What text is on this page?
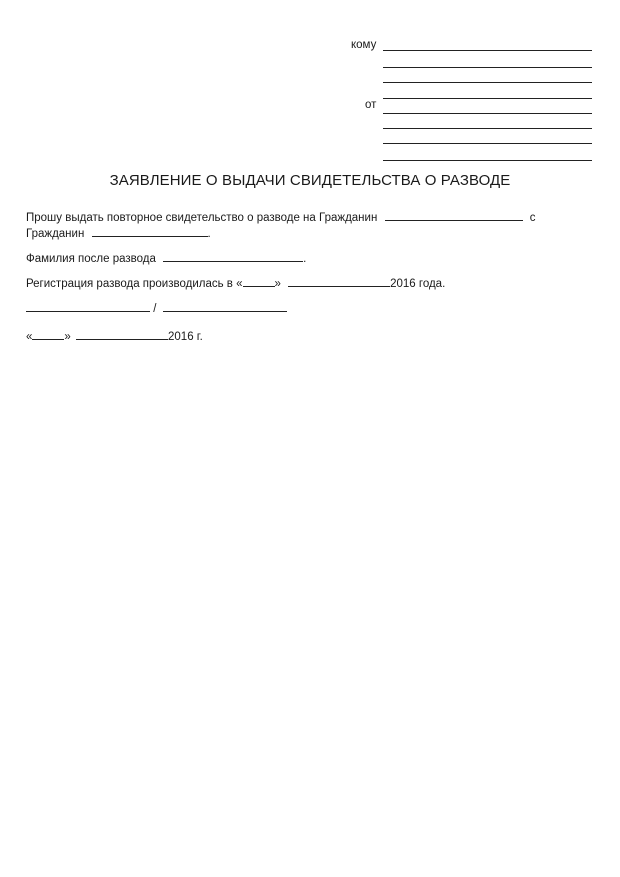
кому
от
ЗАЯВЛЕНИЕ О ВЫДАЧИ СВИДЕТЕЛЬСТВА О РАЗВОДЕ
Прошу выдать повторное свидетельство о разводе на Гражданин	с
Гражданин	.
Фамилия после развода	.
Регистрация развода производилась в «	»	2016 года.
/
«	»	2016 г.
